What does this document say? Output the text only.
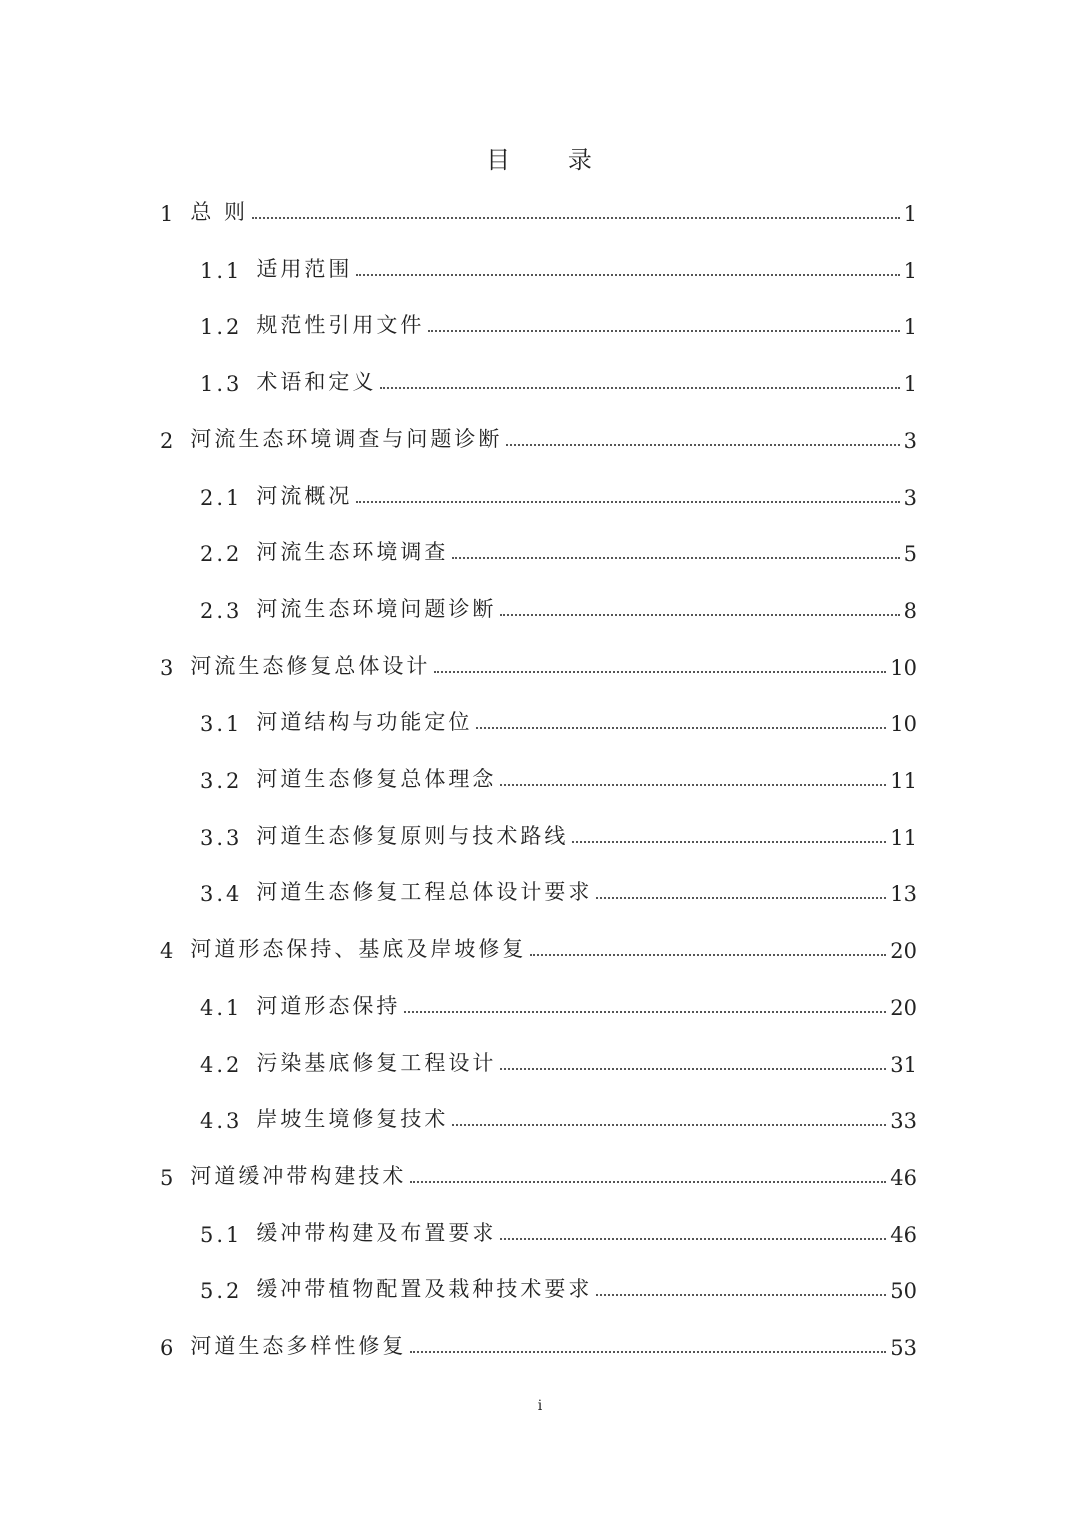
目 录
1 总 则	1
1.1 适用范围	1
1.2 规范性引用文件	1
1.3 术语和定义	1
2 河流生态环境调查与问题诊断	3
2.1 河流概况	3
2.2 河流生态环境调查	5
2.3 河流生态环境问题诊断	8
3 河流生态修复总体设计	10
3.1 河道结构与功能定位	10
3.2 河道生态修复总体理念	11
3.3 河道生态修复原则与技术路线	11
3.4 河道生态修复工程总体设计要求	13
4 河道形态保持、基底及岸坡修复	20
4.1 河道形态保持	20
4.2 污染基底修复工程设计	31
4.3 岸坡生境修复技术	33
5 河道缓冲带构建技术	46
5.1 缓冲带构建及布置要求	46
5.2 缓冲带植物配置及栽种技术要求	50
6 河道生态多样性修复	53
i
